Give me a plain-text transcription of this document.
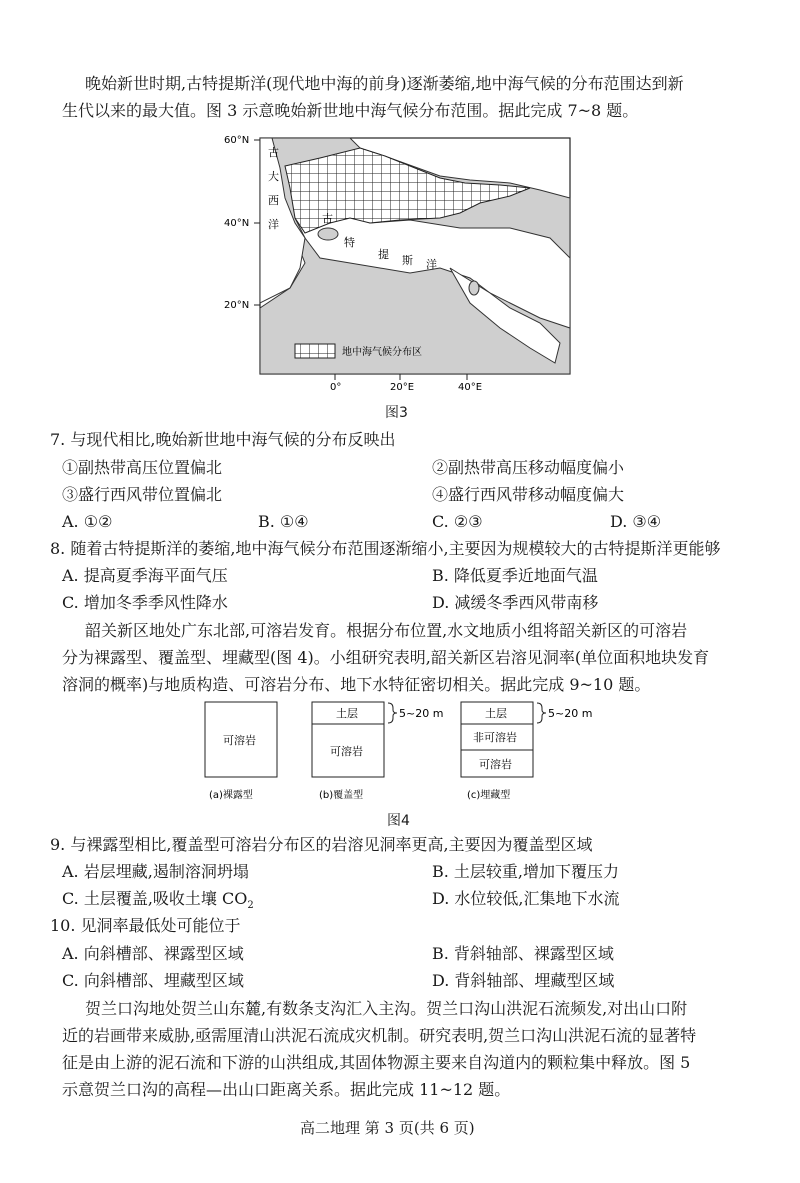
晚始新世时期,古特提斯洋(现代地中海的前身)逐渐萎缩,地中海气候的分布范围达到新
生代以来的最大值。图 3 示意晚始新世地中海气候分布范围。据此完成 7~8 题。
60°N
40°N
20°N
0°	20°E	40°E
古
大
西
洋	古
特
提 斯 洋
地中海气候分布区
图3
7. 与现代相比,晚始新世地中海气候的分布反映出
①副热带高压位置偏北	②副热带高压移动幅度偏小
③盛行西风带位置偏北	④盛行西风带移动幅度偏大
A. ①②	B. ①④	C. ②③	D. ③④
8. 随着古特提斯洋的萎缩,地中海气候分布范围逐渐缩小,主要因为规模较大的古特提斯洋更能够
A. 提高夏季海平面气压	B. 降低夏季近地面气温
C. 增加冬季季风性降水	D. 减缓冬季西风带南移
韶关新区地处广东北部,可溶岩发育。根据分布位置,水文地质小组将韶关新区的可溶岩
分为裸露型、覆盖型、埋藏型(图 4)。小组研究表明,韶关新区岩溶见洞率(单位面积地块发育
溶洞的概率)与地质构造、可溶岩分布、地下水特征密切相关。据此完成 9~10 题。
可溶岩
土层
可溶岩
5~20 m	土层
非可溶岩
可溶岩
5~20 m
(a)裸露型	(b)覆盖型	(c)埋藏型
图4
9. 与裸露型相比,覆盖型可溶岩分布区的岩溶见洞率更高,主要因为覆盖型区域
A. 岩层埋藏,遏制溶洞坍塌	B. 土层较重,增加下覆压力
C. 土层覆盖,吸收土壤 $CO_2$	D. 水位较低,汇集地下水流
10. 见洞率最低处可能位于
A. 向斜槽部、裸露型区域	B. 背斜轴部、裸露型区域
C. 向斜槽部、埋藏型区域	D. 背斜轴部、埋藏型区域
贺兰口沟地处贺兰山东麓,有数条支沟汇入主沟。贺兰口沟山洪泥石流频发,对出山口附
近的岩画带来威胁,亟需厘清山洪泥石流成灾机制。研究表明,贺兰口沟山洪泥石流的显著特
征是由上游的泥石流和下游的山洪组成,其固体物源主要来自沟道内的颗粒集中释放。图 5
示意贺兰口沟的高程—出山口距离关系。据此完成 11~12 题。
高二地理 第 3 页(共 6 页)
